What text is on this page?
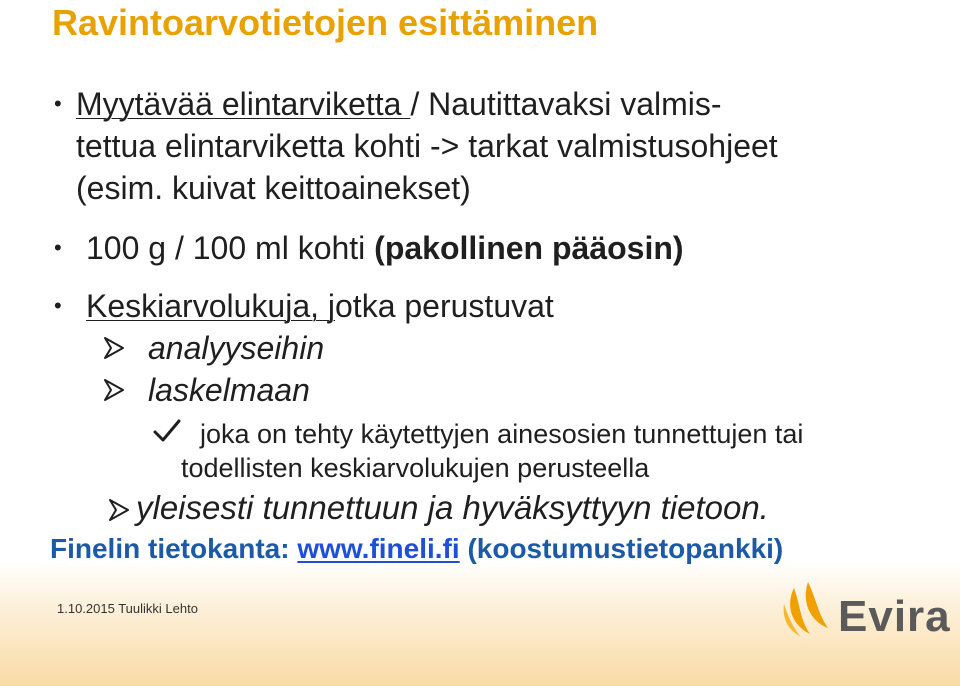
Ravintoarvotietojen esittäminen
• Myytävää elintarviketta / Nautittavaksi valmis-
tettua elintarviketta kohti -> tarkat valmistusohjeet
(esim. kuivat keittoainekset)
• 100 g / 100 ml kohti (pakollinen pääosin)
• Keskiarvolukuja, jotka perustuvat
analyyseihin
laskelmaan
joka on tehty käytettyjen ainesosien tunnettujen tai
todellisten keskiarvolukujen perusteella
yleisesti tunnettuun ja hyväksyttyyn tietoon.
Finelin tietokanta: www.fineli.fi (koostumustietopankki)
1.10.2015 Tuulikki Lehto	Evira
